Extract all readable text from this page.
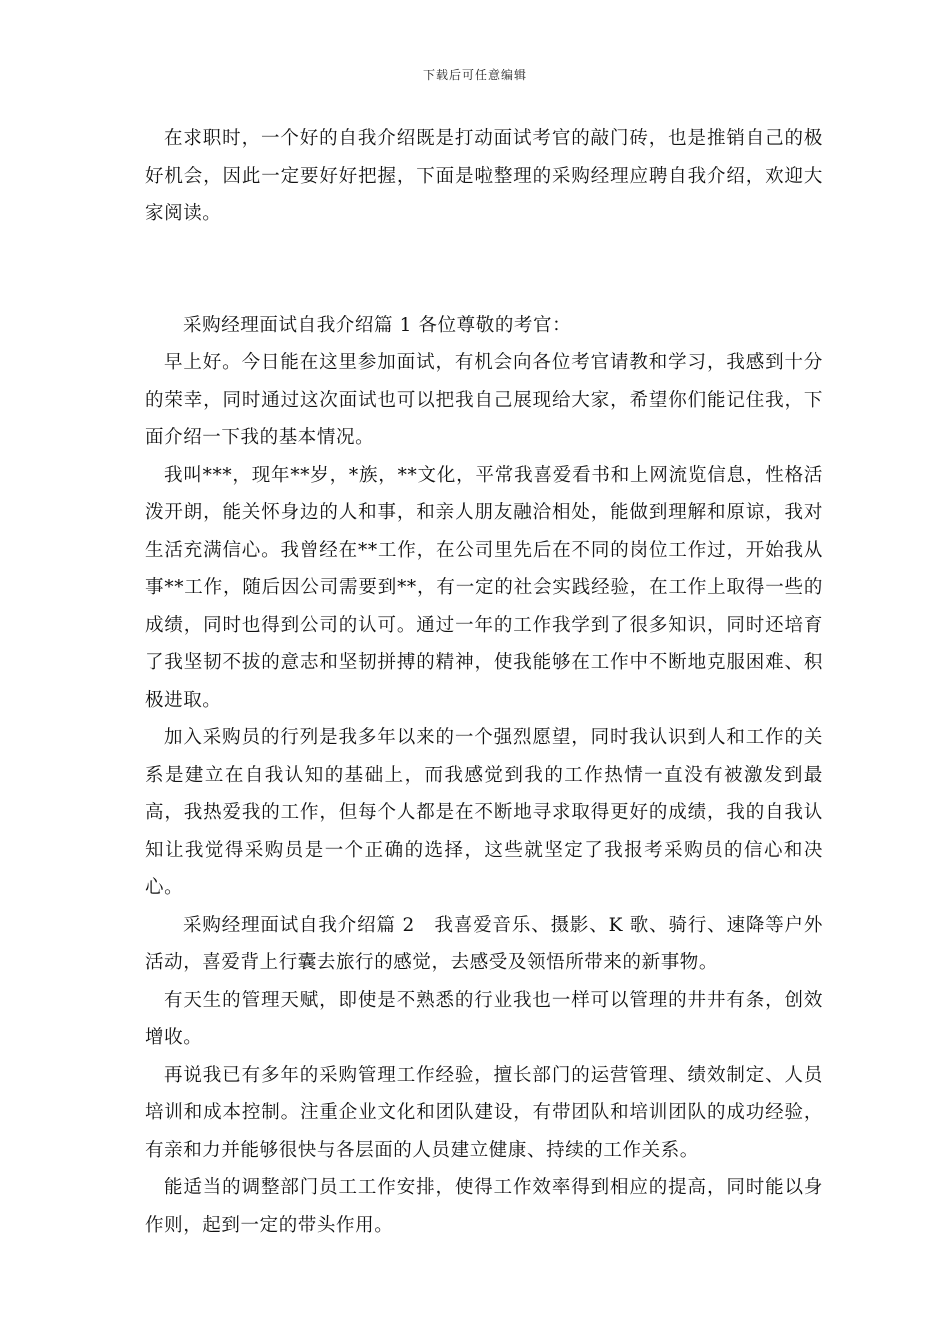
下载后可任意编辑

在求职时，一个好的自我介绍既是打动面试考官的敲门砖，也是推销自己的极好机会，因此一定要好好把握，下面是啦整理的采购经理应聘自我介绍，欢迎大家阅读。

采购经理面试自我介绍篇 1 各位尊敬的考官：

早上好。今日能在这里参加面试，有机会向各位考官请教和学习，我感到十分的荣幸，同时通过这次面试也可以把我自己展现给大家，希望你们能记住我，下面介绍一下我的基本情况。

我叫***，现年**岁，*族，**文化，平常我喜爱看书和上网流览信息，性格活泼开朗，能关怀身边的人和事，和亲人朋友融洽相处，能做到理解和原谅，我对生活充满信心。我曾经在**工作，在公司里先后在不同的岗位工作过，开始我从事**工作，随后因公司需要到**，有一定的社会实践经验，在工作上取得一些的成绩，同时也得到公司的认可。通过一年的工作我学到了很多知识，同时还培育了我坚韧不拔的意志和坚韧拼搏的精神，使我能够在工作中不断地克服困难、积极进取。

加入采购员的行列是我多年以来的一个强烈愿望，同时我认识到人和工作的关系是建立在自我认知的基础上，而我感觉到我的工作热情一直没有被激发到最高，我热爱我的工作，但每个人都是在不断地寻求取得更好的成绩，我的自我认知让我觉得采购员是一个正确的选择，这些就坚定了我报考采购员的信心和决心。

采购经理面试自我介绍篇 2　我喜爱音乐、摄影、K 歌、骑行、速降等户外活动，喜爱背上行囊去旅行的感觉，去感受及领悟所带来的新事物。

有天生的管理天赋，即使是不熟悉的行业我也一样可以管理的井井有条，创效增收。

再说我已有多年的采购管理工作经验，擅长部门的运营管理、绩效制定、人员培训和成本控制。注重企业文化和团队建设，有带团队和培训团队的成功经验，有亲和力并能够很快与各层面的人员建立健康、持续的工作关系。

能适当的调整部门员工工作安排，使得工作效率得到相应的提高，同时能以身作则，起到一定的带头作用。
